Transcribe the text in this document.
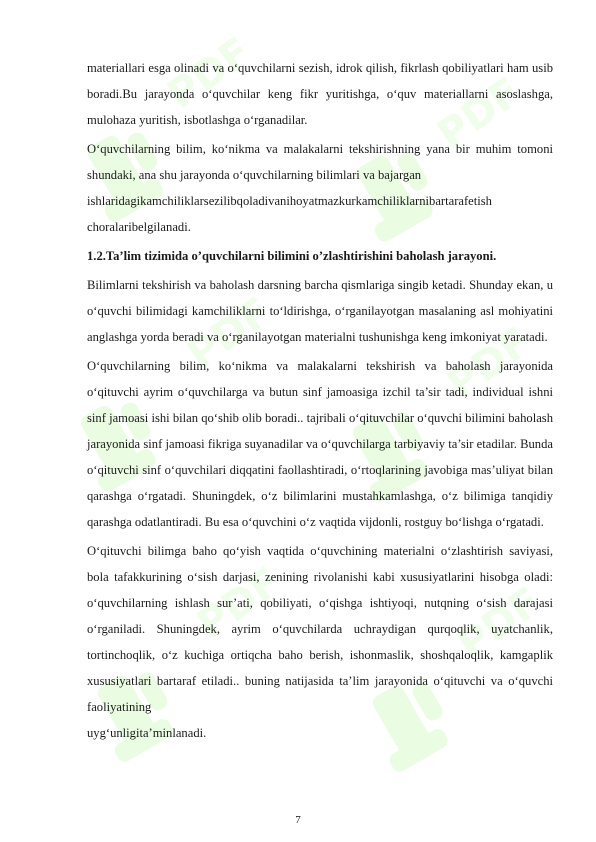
PDF	PDF
PDF	PDF
PDF	PDF

materiallari esga olinadi va o‘quvchilarni sezish, idrok qilish, fikrlash qobiliyatlari ham usib boradi.Bu jarayonda o‘quvchilar keng fikr yuritishga, o‘quv materiallarni asoslashga, mulohaza yuritish, isbotlashga o‘rganadilar.

O‘quvchilarning bilim, ko‘nikma va malakalarni tekshirishning yana bir muhim tomoni shundaki, ana shu jarayonda o‘quvchilarning bilimlari va bajargan
ishlaridagikamchiliklarsezilibqoladivanihoyatmazkurkamchiliklarnibartarafetish
choralaribelgilanadi.

1.2.Ta’lim tizimida o’quvchilarni bilimini o’zlashtirishini baholash jarayoni.

Bilimlarni tekshirish va baholash darsning barcha qismlariga singib ketadi. Shunday ekan, u o‘quvchi bilimidagi kamchiliklarni to‘ldirishga, o‘rganilayotgan masalaning asl mohiyatini anglashga yorda beradi va o‘rganilayotgan materialni tushunishga keng imkoniyat yaratadi.

O‘quvchilarning bilim, ko‘nikma va malakalarni tekshirish va baholash jarayonida o‘qituvchi ayrim o‘quvchilarga va butun sinf jamoasiga izchil ta’sir tadi, individual ishni sinf jamoasi ishi bilan qo‘shib olib boradi.. tajribali o‘qituvchilar o‘quvchi bilimini baholash jarayonida sinf jamoasi fikriga suyanadilar va o‘quvchilarga tarbiyaviy ta’sir etadilar. Bunda o‘qituvchi sinf o‘quvchilari diqqatini faollashtiradi, o‘rtoqlarining javobiga mas’uliyat bilan qarashga o‘rgatadi. Shuningdek, o‘z bilimlarini mustahkamlashga, o‘z bilimiga tanqidiy qarashga odatlantiradi. Bu esa o‘quvchini o‘z vaqtida vijdonli, rostguy bo‘lishga o‘rgatadi.

O‘qituvchi bilimga baho qo‘yish vaqtida o‘quvchining materialni o‘zlashtirish saviyasi, bola tafakkurining o‘sish darjasi, zenining rivolanishi kabi xususiyatlarini hisobga oladi: o‘quvchilarning ishlash sur’ati, qobiliyati, o‘qishga ishtiyoqi, nutqning o‘sish darajasi o‘rganiladi. Shuningdek, ayrim o‘quvchilarda uchraydigan qurqoqlik, uyatchanlik, tortinchoqlik, o‘z kuchiga ortiqcha baho berish, ishonmaslik, shoshqaloqlik, kamgaplik xususiyatlari bartaraf etiladi.. buning natijasida ta’lim jarayonida o‘qituvchi va o‘quvchi faoliyatining

uyg‘unligita’minlanadi.

7
